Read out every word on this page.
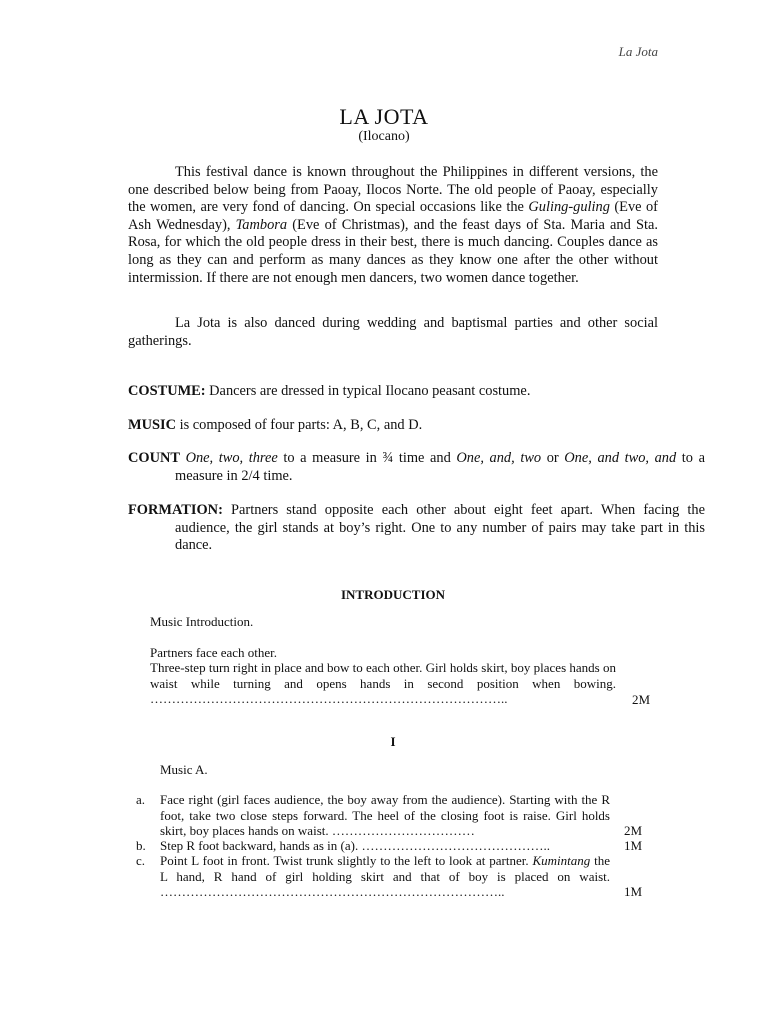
La Jota
LA JOTA
(Ilocano)
This festival dance is known throughout the Philippines in different versions, the one described below being from Paoay, Ilocos Norte. The old people of Paoay, especially the women, are very fond of dancing. On special occasions like the Guling-guling (Eve of Ash Wednesday), Tambora (Eve of Christmas), and the feast days of Sta. Maria and Sta. Rosa, for which the old people dress in their best, there is much dancing. Couples dance as long as they can and perform as many dances as they know one after the other without intermission. If there are not enough men dancers, two women dance together.
La Jota is also danced during wedding and baptismal parties and other social gatherings.
COSTUME: Dancers are dressed in typical Ilocano peasant costume.
MUSIC is composed of four parts: A, B, C, and D.
COUNT One, two, three to a measure in ¾ time and One, and, two or One, and two, and to a measure in 2/4 time.
FORMATION: Partners stand opposite each other about eight feet apart. When facing the audience, the girl stands at boy’s right. One to any number of pairs may take part in this dance.
INTRODUCTION
Music Introduction.
Partners face each other.
Three-step turn right in place and bow to each other. Girl holds skirt, boy places hands on waist while turning and opens hands in second position when bowing. ………………………………………………………………………..	2M
I
Music A.
a. Face right (girl faces audience, the boy away from the audience). Starting with the R foot, take two close steps forward. The heel of the closing foot is raise. Girl holds skirt, boy places hands on waist. ……………………………	2M
b. Step R foot backward, hands as in (a). ……………………………………..	1M
c. Point L foot in front. Twist trunk slightly to the left to look at partner. Kumintang the L hand, R hand of girl holding skirt and that of boy is placed on waist. ……………………………………………………………………..	1M
